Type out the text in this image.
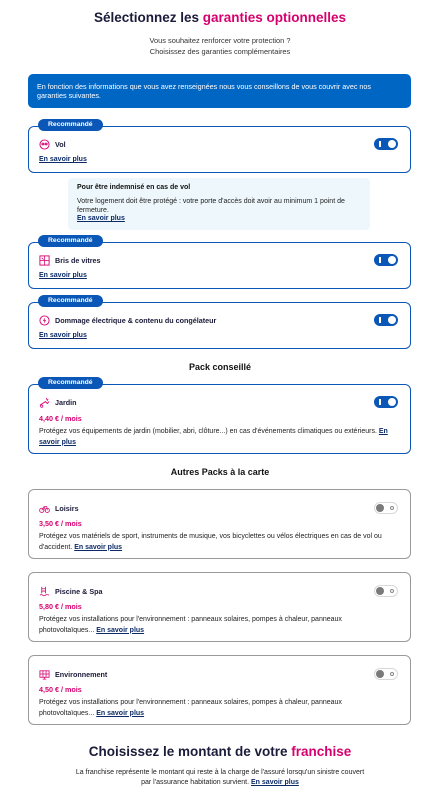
Sélectionnez les garanties optionnelles
Vous souhaitez renforcer votre protection ?
Choisissez des garanties complémentaires
En fonction des informations que vous avez renseignées nous vous conseillons de vous couvrir avec nos garanties suivantes.
Recommandé
Vol
En savoir plus
Pour être indemnisé en cas de vol
Votre logement doit être protégé : votre porte d'accès doit avoir au minimum 1 point de fermeture.
En savoir plus
Recommandé
Bris de vitres
En savoir plus
Recommandé
Dommage électrique & contenu du congélateur
En savoir plus
Pack conseillé
Recommandé
Jardin
4,40 € / mois
Protégez vos équipements de jardin (mobilier, abri, clôture...) en cas d'événements climatiques ou extérieurs. En savoir plus
Autres Packs à la carte
Loisirs
3,50 € / mois
Protégez vos matériels de sport, instruments de musique, vos bicyclettes ou vélos électriques en cas de vol ou d'accident. En savoir plus
Piscine & Spa
5,80 € / mois
Protégez vos installations pour l'environnement : panneaux solaires, pompes à chaleur, panneaux photovoltaïques... En savoir plus
Environnement
4,50 € / mois
Protégez vos installations pour l'environnement : panneaux solaires, pompes à chaleur, panneaux photovoltaïques... En savoir plus
Choisissez le montant de votre franchise
La franchise représente le montant qui reste à la charge de l'assuré lorsqu'un sinistre couvert par l'assurance habitation survient. En savoir plus
